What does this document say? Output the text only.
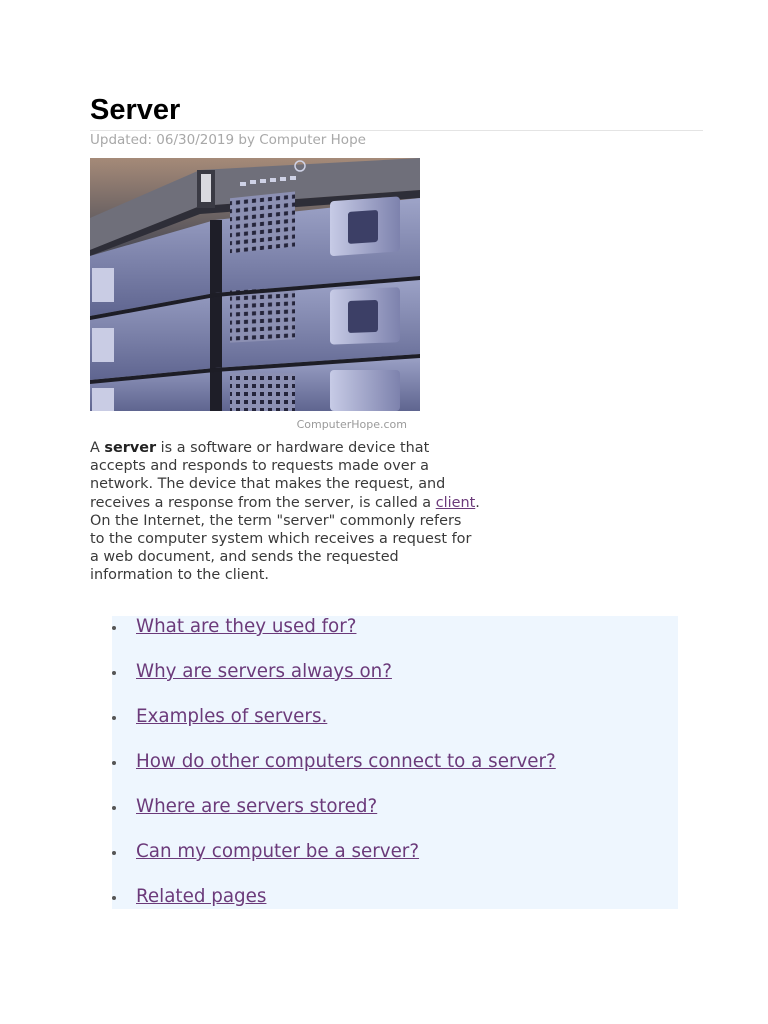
Server
Updated: 06/30/2019 by Computer Hope
ComputerHope.com

A server is a software or hardware device that accepts and responds to requests made over a network. The device that makes the request, and receives a response from the server, is called a client. On the Internet, the term "server" commonly refers to the computer system which receives a request for a web document, and sends the requested information to the client.

What are they used for?
Why are servers always on?
Examples of servers.
How do other computers connect to a server?
Where are servers stored?
Can my computer be a server?
Related pages
